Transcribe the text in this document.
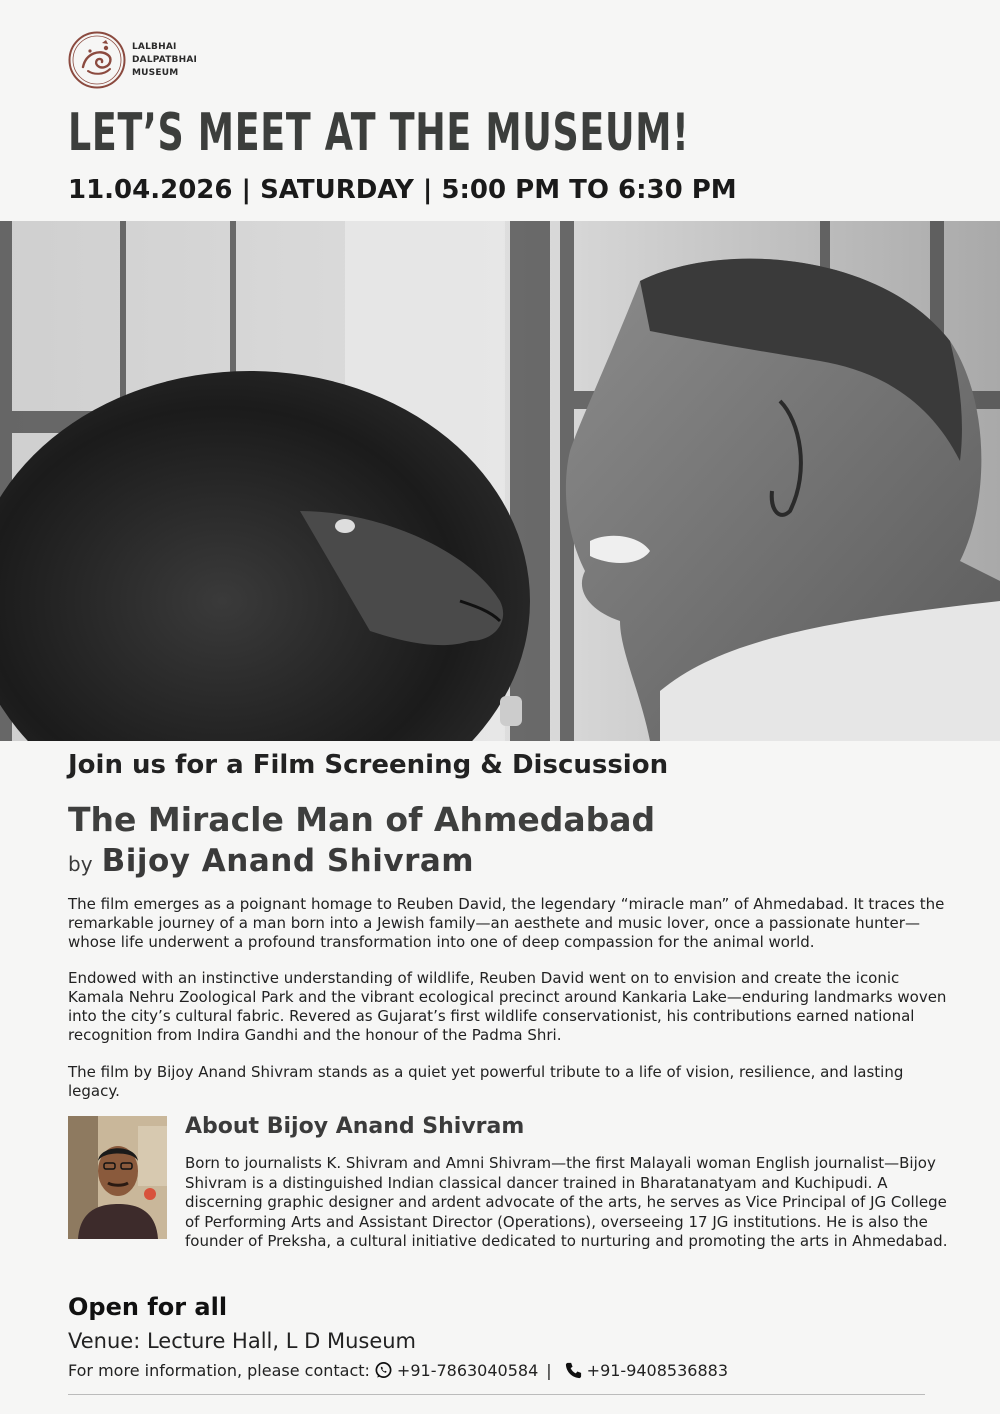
LALBHAI
DALPATBHAI
MUSEUM
LET’S MEET AT THE MUSEUM!
11.04.2026 | SATURDAY | 5:00 PM TO 6:30 PM
Join us for a Film Screening & Discussion
The Miracle Man of Ahmedabad
by Bijoy Anand Shivram

The film emerges as a poignant homage to Reuben David, the legendary “miracle man” of Ahmedabad. It traces the remarkable journey of a man born into a Jewish family—an aesthete and music lover, once a passionate hunter—whose life underwent a profound transformation into one of deep compassion for the animal world.

Endowed with an instinctive understanding of wildlife, Reuben David went on to envision and create the iconic Kamala Nehru Zoological Park and the vibrant ecological precinct around Kankaria Lake—enduring landmarks woven into the city’s cultural fabric. Revered as Gujarat’s first wildlife conservationist, his contributions earned national recognition from Indira Gandhi and the honour of the Padma Shri.

The film by Bijoy Anand Shivram stands as a quiet yet powerful tribute to a life of vision, resilience, and lasting legacy.

About Bijoy Anand Shivram

Born to journalists K. Shivram and Amni Shivram—the first Malayali woman English journalist—Bijoy Shivram is a distinguished Indian classical dancer trained in Bharatanatyam and Kuchipudi. A discerning graphic designer and ardent advocate of the arts, he serves as Vice Principal of JG College of Performing Arts and Assistant Director (Operations), overseeing 17 JG institutions. He is also the founder of Preksha, a cultural initiative dedicated to nurturing and promoting the arts in Ahmedabad.

Open for all
Venue: Lecture Hall, L D Museum
For more information, please contact: +91-7863040584 | +91-9408536883
